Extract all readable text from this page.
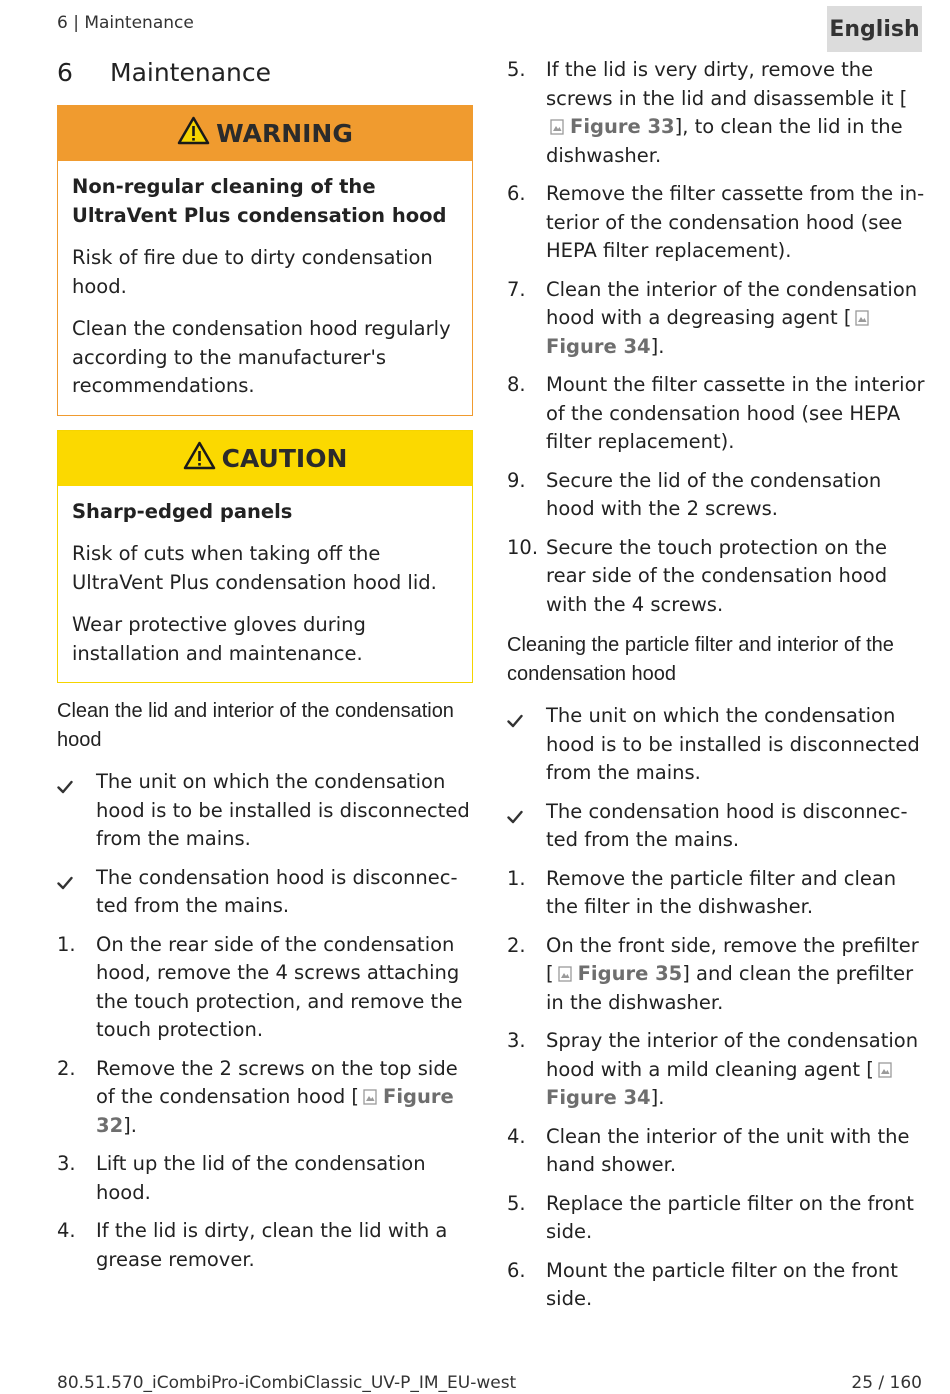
6 | Maintenance	English
6	Maintenance
WARNING

Non-regular cleaning of the UltraVent Plus condensation hood

Risk of fire due to dirty condensation hood.

Clean the condensation hood regularly according to the manufacturer's recommendations.

CAUTION

Sharp-edged panels

Risk of cuts when taking off the UltraVent Plus condensation hood lid.

Wear protective gloves during installation and maintenance.

Clean the lid and interior of the condensation hood
The unit on which the condensation hood is to be installed is disconnected from the mains.
The condensation hood is disconnec-ted from the mains.
1.	On the rear side of the condensation hood, remove the 4 screws attaching the touch protection, and remove the touch protection.
2.	Remove the 2 screws on the top side of the condensation hood [ Figure 32].
3.	Lift up the lid of the condensation hood.
4.	If the lid is dirty, clean the lid with a grease remover.
5.	If the lid is very dirty, remove the screws in the lid and disassemble it [Figure 33], to clean the lid in the dishwasher.
6.	Remove the filter cassette from the in-terior of the condensation hood (see HEPA filter replacement).
7.	Clean the interior of the condensation hood with a degreasing agent [Figure 34].
8.	Mount the filter cassette in the interior of the condensation hood (see HEPA filter replacement).
9.	Secure the lid of the condensation hood with the 2 screws.
10. Secure the touch protection on the rear side of the condensation hood with the 4 screws.
Cleaning the particle filter and interior of the condensation hood
The unit on which the condensation hood is to be installed is disconnected from the mains.
The condensation hood is disconnec-ted from the mains.
1.	Remove the particle filter and clean the filter in the dishwasher.
2.	On the front side, remove the prefilter [ Figure 35] and clean the prefilter in the dishwasher.
3.	Spray the interior of the condensation hood with a mild cleaning agent [Figure 34].
4.	Clean the interior of the unit with the hand shower.
5.	Replace the particle filter on the front side.
6.	Mount the particle filter on the front side.
80.51.570_iCombiPro-iCombiClassic_UV-P_IM_EU-west	25 / 160
